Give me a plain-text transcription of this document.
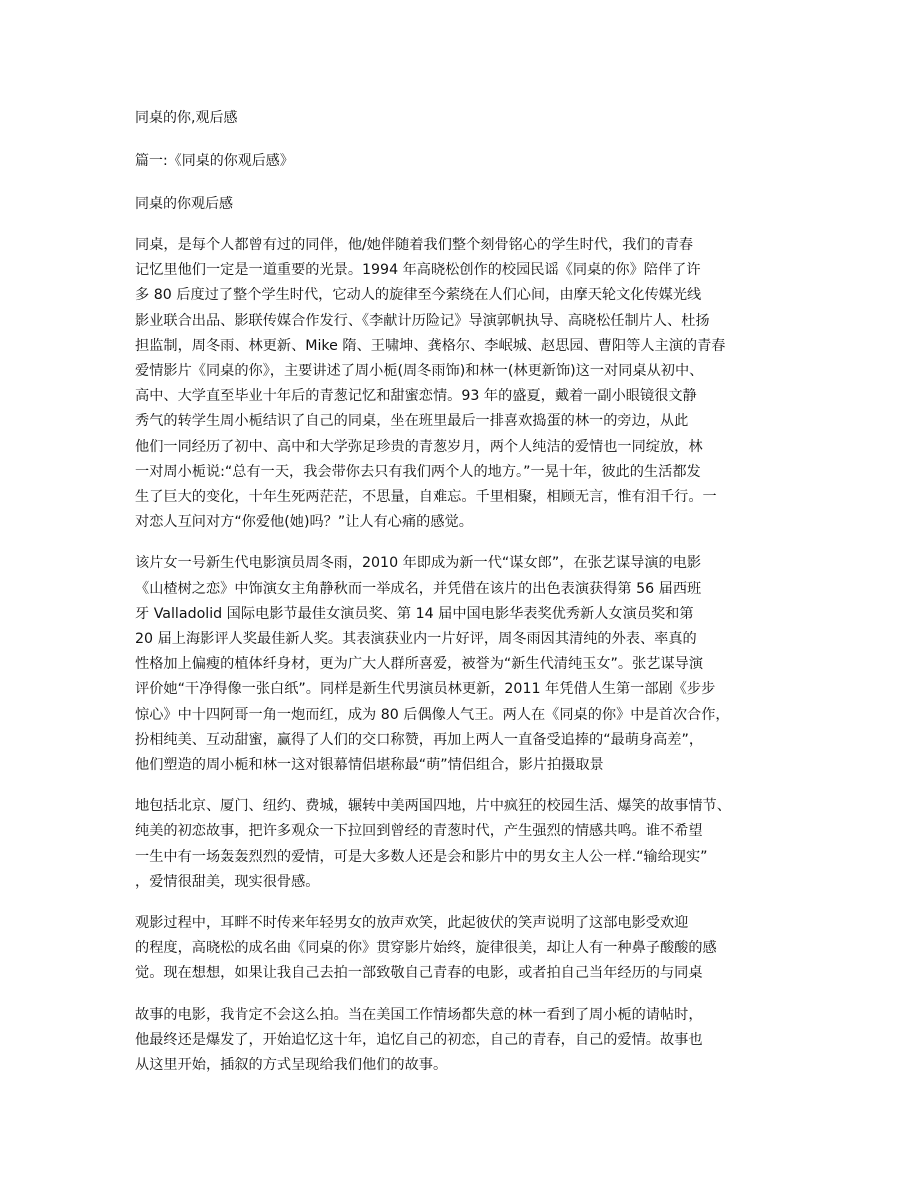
同桌的你,观后感

篇一:《同桌的你观后感》

同桌的你观后感

同桌，是每个人都曾有过的同伴，他/她伴随着我们整个刻骨铭心的学生时代，我们的青春
记忆里他们一定是一道重要的光景。1994 年高晓松创作的校园民谣《同桌的你》陪伴了许
多 80 后度过了整个学生时代，它动人的旋律至今萦绕在人们心间，由摩天轮文化传媒光线
影业联合出品、影联传媒合作发行、《李献计历险记》导演郭帆执导、高晓松任制片人、杜扬
担监制，周冬雨、林更新、Mike 隋、王啸坤、龚格尔、李岷城、赵思园、曹阳等人主演的青春
爱情影片《同桌的你》，主要讲述了周小栀(周冬雨饰)和林一(林更新饰)这一对同桌从初中、
高中、大学直至毕业十年后的青葱记忆和甜蜜恋情。93 年的盛夏，戴着一副小眼镜很文静
秀气的转学生周小栀结识了自己的同桌，坐在班里最后一排喜欢捣蛋的林一的旁边，从此
他们一同经历了初中、高中和大学弥足珍贵的青葱岁月，两个人纯洁的爱情也一同绽放，林
一对周小栀说:“总有一天，我会带你去只有我们两个人的地方。”一晃十年，彼此的生活都发
生了巨大的变化，十年生死两茫茫，不思量，自难忘。千里相聚，相顾无言，惟有泪千行。一
对恋人互问对方“你爱他(她)吗？”让人有心痛的感觉。

该片女一号新生代电影演员周冬雨，2010 年即成为新一代“谋女郎”，在张艺谋导演的电影
《山楂树之恋》中饰演女主角静秋而一举成名，并凭借在该片的出色表演获得第 56 届西班
牙 Valladolid 国际电影节最佳女演员奖、第 14 届中国电影华表奖优秀新人女演员奖和第
20 届上海影评人奖最佳新人奖。其表演获业内一片好评，周冬雨因其清纯的外表、率真的
性格加上偏瘦的植体纤身材，更为广大人群所喜爱，被誉为“新生代清纯玉女”。张艺谋导演
评价她“干净得像一张白纸”。同样是新生代男演员林更新，2011 年凭借人生第一部剧《步步
惊心》中十四阿哥一角一炮而红，成为 80 后偶像人气王。两人在《同桌的你》中是首次合作，
扮相纯美、互动甜蜜，赢得了人们的交口称赞，再加上两人一直备受追捧的“最萌身高差”，
他们塑造的周小栀和林一这对银幕情侣堪称最“萌”情侣组合，影片拍摄取景

地包括北京、厦门、纽约、费城，辗转中美两国四地，片中疯狂的校园生活、爆笑的故事情节、
纯美的初恋故事，把许多观众一下拉回到曾经的青葱时代，产生强烈的情感共鸣。谁不希望
一生中有一场轰轰烈烈的爱情，可是大多数人还是会和影片中的男女主人公一样.“输给现实”
，爱情很甜美，现实很骨感。

观影过程中，耳畔不时传来年轻男女的放声欢笑，此起彼伏的笑声说明了这部电影受欢迎
的程度，高晓松的成名曲《同桌的你》贯穿影片始终，旋律很美，却让人有一种鼻子酸酸的感
觉。现在想想，如果让我自己去拍一部致敬自己青春的电影，或者拍自己当年经历的与同桌

故事的电影，我肯定不会这么拍。当在美国工作情场都失意的林一看到了周小栀的请帖时，
他最终还是爆发了，开始追忆这十年，追忆自己的初恋，自己的青春，自己的爱情。故事也
从这里开始，插叙的方式呈现给我们他们的故事。
